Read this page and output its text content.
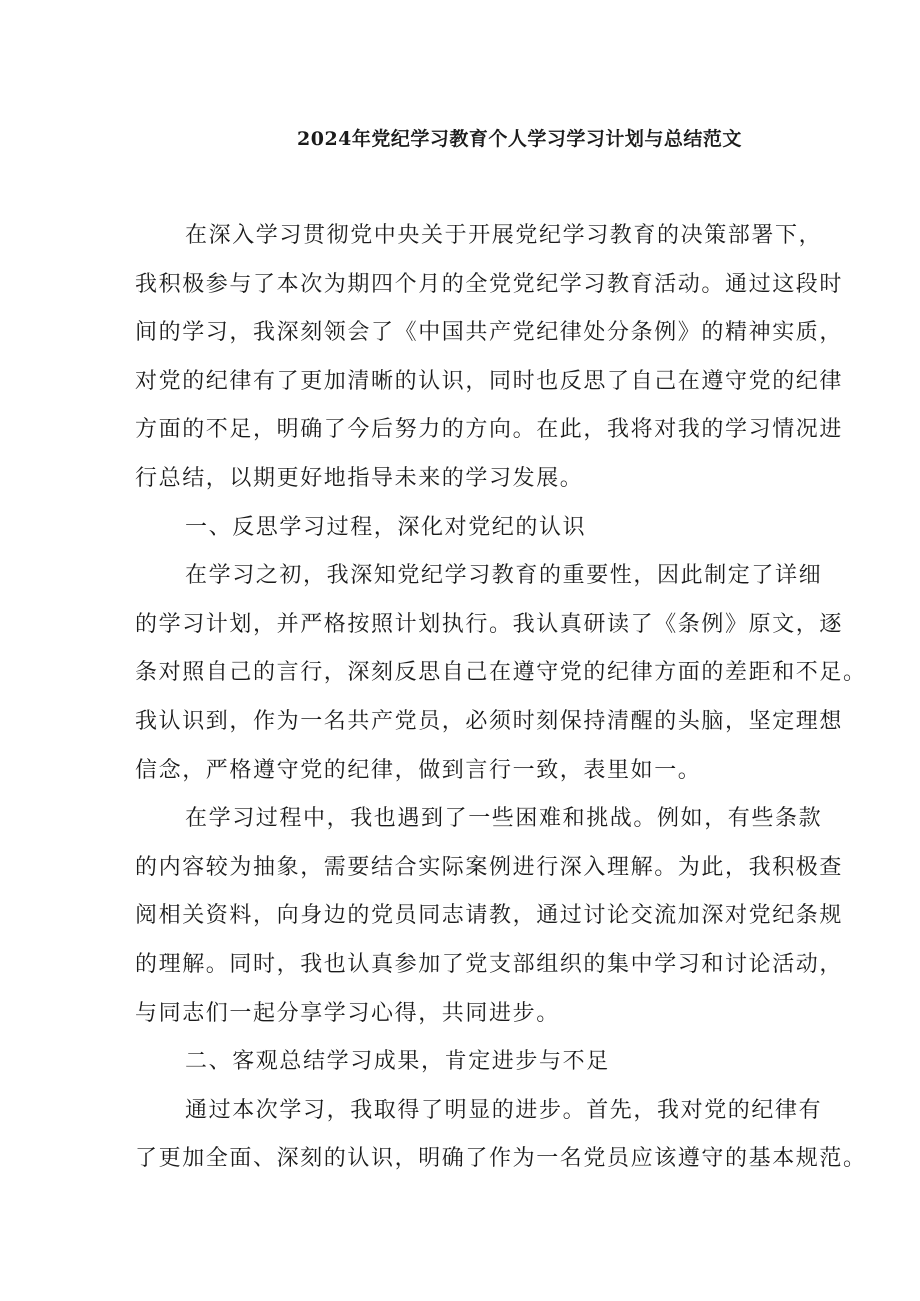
2024年党纪学习教育个人学习学习计划与总结范文
在深入学习贯彻党中央关于开展党纪学习教育的决策部署下，
我积极参与了本次为期四个月的全党党纪学习教育活动。通过这段时
间的学习，我深刻领会了《中国共产党纪律处分条例》的精神实质，
对党的纪律有了更加清晰的认识，同时也反思了自己在遵守党的纪律
方面的不足，明确了今后努力的方向。在此，我将对我的学习情况进
行总结，以期更好地指导未来的学习发展。
一、反思学习过程，深化对党纪的认识
在学习之初，我深知党纪学习教育的重要性，因此制定了详细
的学习计划，并严格按照计划执行。我认真研读了《条例》原文，逐
条对照自己的言行，深刻反思自己在遵守党的纪律方面的差距和不足。
我认识到，作为一名共产党员，必须时刻保持清醒的头脑，坚定理想
信念，严格遵守党的纪律，做到言行一致，表里如一。
在学习过程中，我也遇到了一些困难和挑战。例如，有些条款
的内容较为抽象，需要结合实际案例进行深入理解。为此，我积极查
阅相关资料，向身边的党员同志请教，通过讨论交流加深对党纪条规
的理解。同时，我也认真参加了党支部组织的集中学习和讨论活动，
与同志们一起分享学习心得，共同进步。
二、客观总结学习成果，肯定进步与不足
通过本次学习，我取得了明显的进步。首先，我对党的纪律有
了更加全面、深刻的认识，明确了作为一名党员应该遵守的基本规范。
